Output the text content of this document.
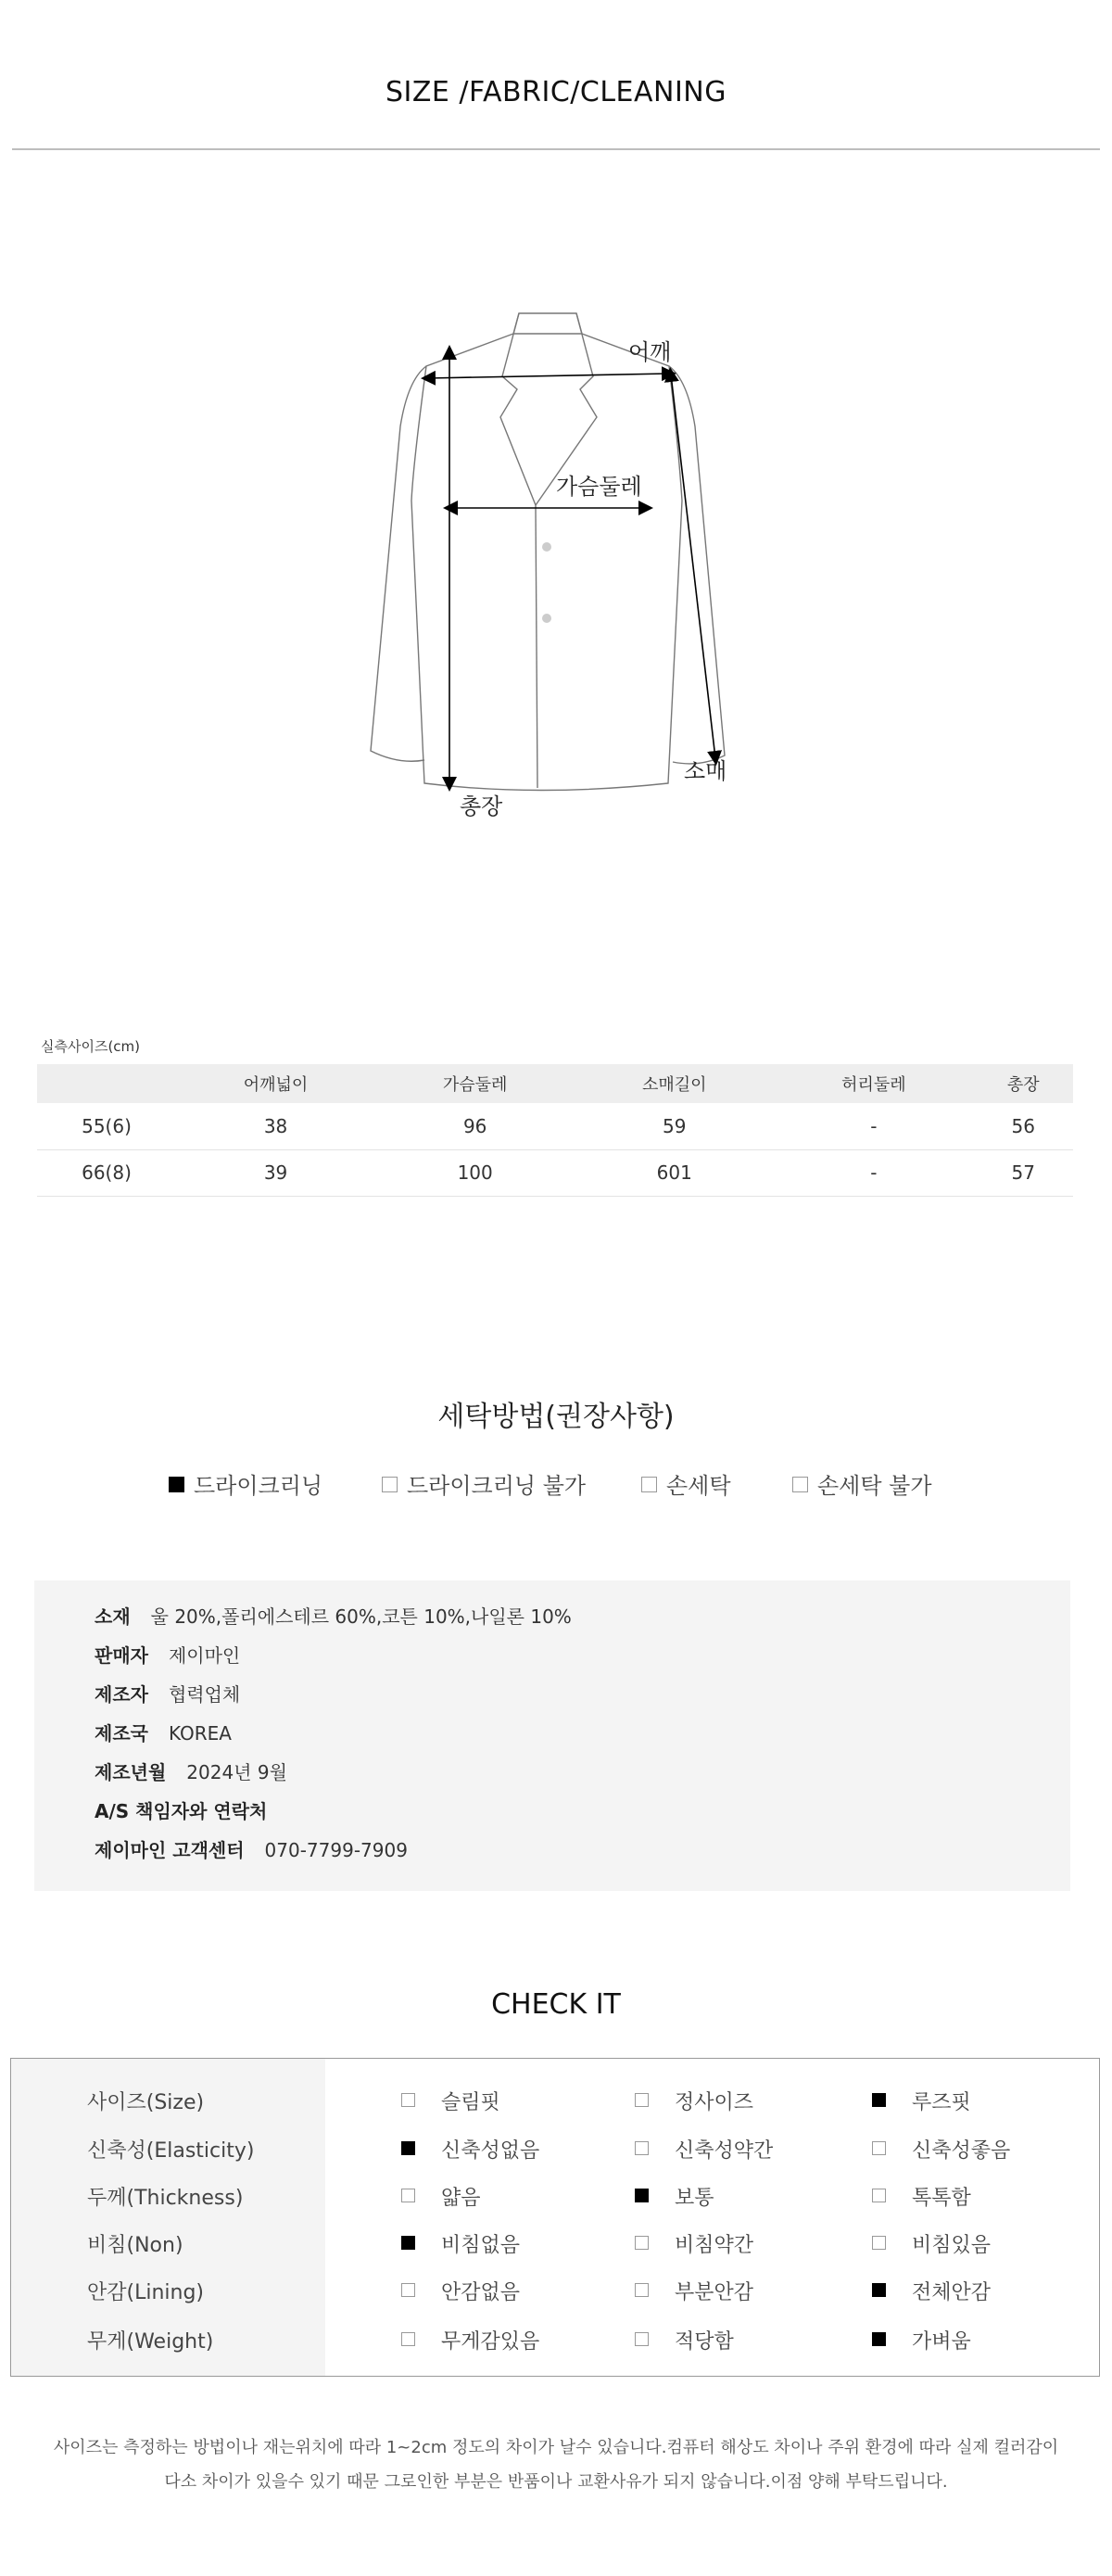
SIZE /FABRIC/CLEANING
어깨
가슴둘레
소매
총장
실측사이즈(cm)
	어깨넓이	가슴둘레	소매길이	허리둘레	총장
55(6)	38	96	59	-	56
66(8)	39	100	601	-	57
세탁방법(권장사항)
드라이크리닝	드라이크리닝 불가	손세탁	손세탁 불가
소재 울 20%,폴리에스테르 60%,코튼 10%,나일론 10%
판매자 제이마인
제조자 협력업체
제조국 KOREA
제조년월 2024년 9월
A/S 책임자와 연락처
제이마인 고객센터 070-7799-7909
CHECK IT
사이즈(Size)	슬림핏	정사이즈	루즈핏
신축성(Elasticity)	신축성없음	신축성약간	신축성좋음
두께(Thickness)	얇음	보통	톡톡함
비침(Non)	비침없음	비침약간	비침있음
안감(Lining)	안감없음	부분안감	전체안감
무게(Weight)	무게감있음	적당함	가벼움
사이즈는 측정하는 방법이나 재는위치에 따라 1~2cm 정도의 차이가 날수 있습니다.컴퓨터 해상도 차이나 주위 환경에 따라 실제 컬러감이
다소 차이가 있을수 있기 때문 그로인한 부분은 반품이나 교환사유가 되지 않습니다.이점 양해 부탁드립니다.
